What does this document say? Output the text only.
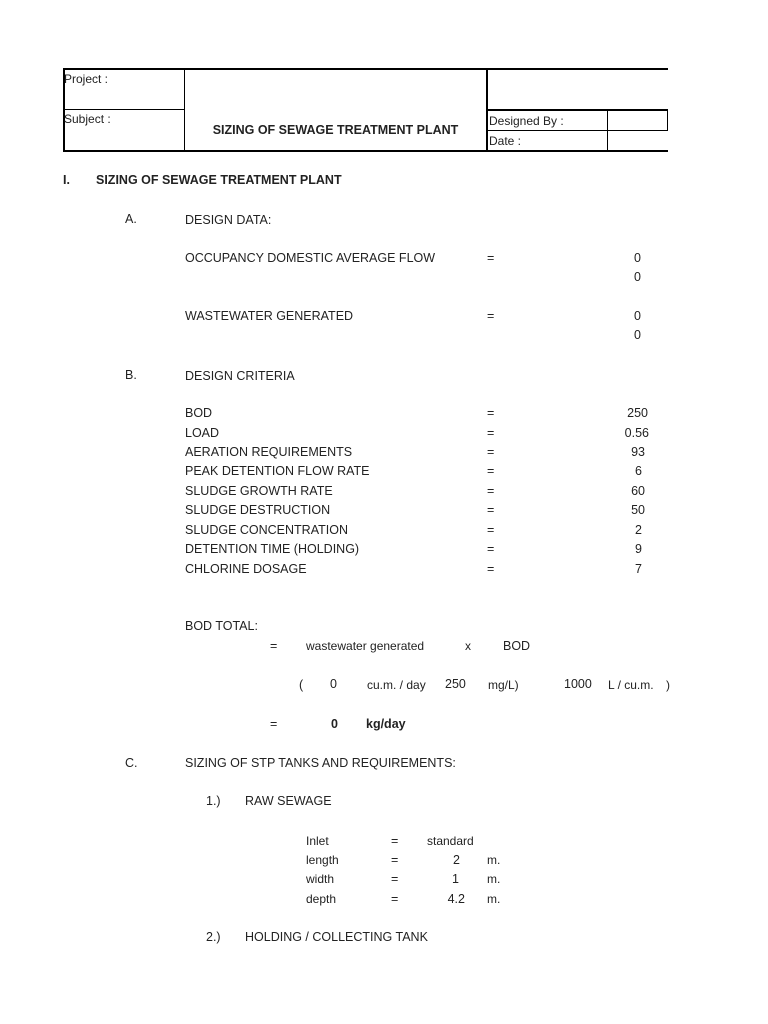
Project :
Subject :
SIZING OF SEWAGE TREATMENT PLANT
Designed By :
Date :
I. SIZING OF SEWAGE TREATMENT PLANT
A.	DESIGN DATA:
OCCUPANCY DOMESTIC AVERAGE FLOW	=	0
0
WASTEWATER GENERATED	=	0
0
B.	DESIGN CRITERIA
BOD	=	250
LOAD	=	0.56
AERATION REQUIREMENTS	=	93
PEAK DETENTION FLOW RATE	=	6
SLUDGE GROWTH RATE	=	60
SLUDGE DESTRUCTION	=	50
SLUDGE CONCENTRATION	=	2
DETENTION TIME (HOLDING)	=	9
CHLORINE DOSAGE	=	7
BOD TOTAL:
= wastewater generated	x	BOD
( 0	cu.m. / day 250 mg/L)	1000 L / cu.m. )
=	0 kg/day
C.	SIZING OF STP TANKS AND REQUIREMENTS:
1.) RAW SEWAGE
Inlet	= standard
length	=	2 m.
width	=	1 m.
depth	=	4.2 m.
2.) HOLDING / COLLECTING TANK
